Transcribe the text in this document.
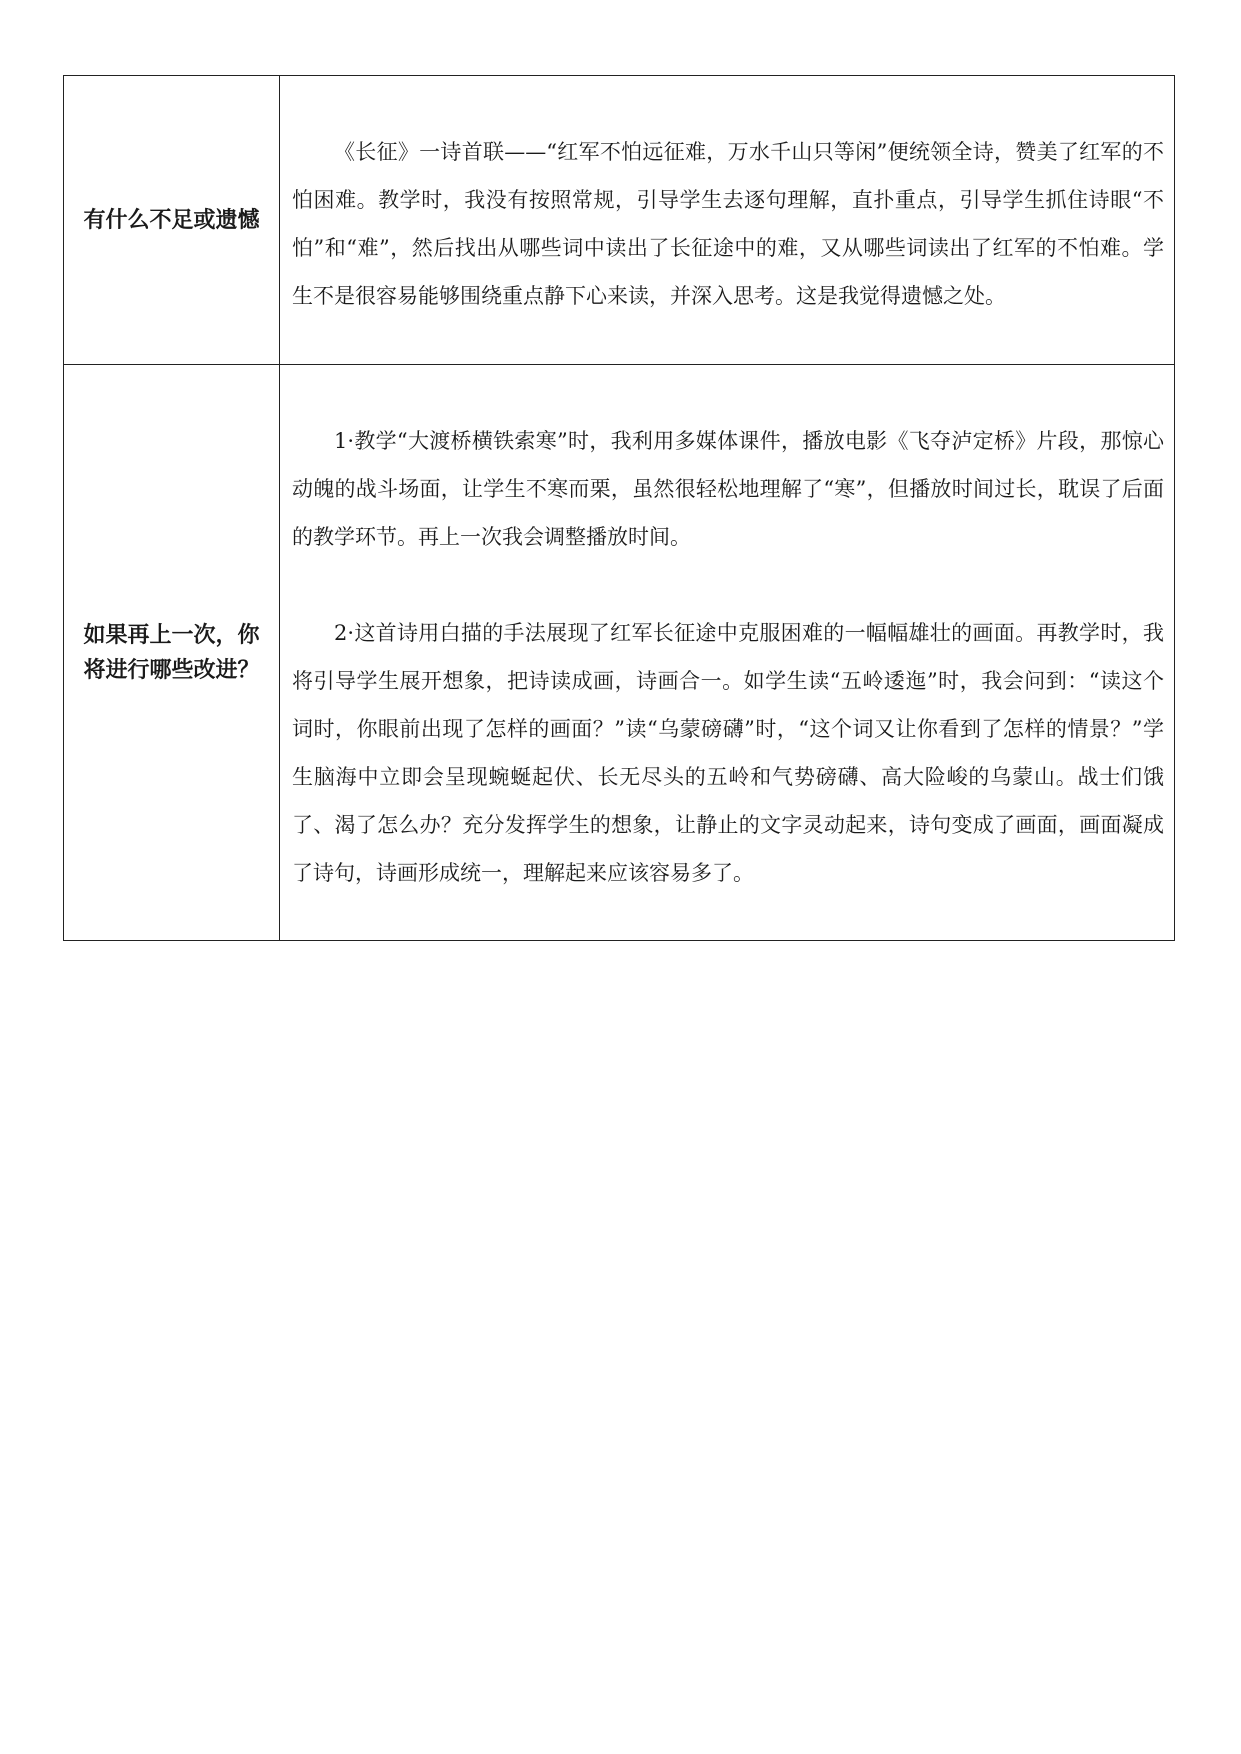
有什么不足或遗憾	《长征》一诗首联——“红军不怕远征难，万水千山只等闲”便统领全诗，赞美了红军的不怕困难。教学时，我没有按照常规，引导学生去逐句理解，直扑重点，引导学生抓住诗眼“不怕”和“难”，然后找出从哪些词中读出了长征途中的难，又从哪些词读出了红军的不怕难。学生不是很容易能够围绕重点静下心来读，并深入思考。这是我觉得遗憾之处。

如果再上一次，你将进行哪些改进？	1·教学“大渡桥横铁索寒”时，我利用多媒体课件，播放电影《飞夺泸定桥》片段，那惊心动魄的战斗场面，让学生不寒而栗，虽然很轻松地理解了“寒”，但播放时间过长，耽误了后面的教学环节。再上一次我会调整播放时间。

2·这首诗用白描的手法展现了红军长征途中克服困难的一幅幅雄壮的画面。再教学时，我将引导学生展开想象，把诗读成画，诗画合一。如学生读“五岭逶迤”时，我会问到：“读这个词时，你眼前出现了怎样的画面？”读“乌蒙磅礴”时，“这个词又让你看到了怎样的情景？”学生脑海中立即会呈现蜿蜒起伏、长无尽头的五岭和气势磅礴、高大险峻的乌蒙山。战士们饿了、渴了怎么办？充分发挥学生的想象，让静止的文字灵动起来，诗句变成了画面，画面凝成了诗句，诗画形成统一，理解起来应该容易多了。
